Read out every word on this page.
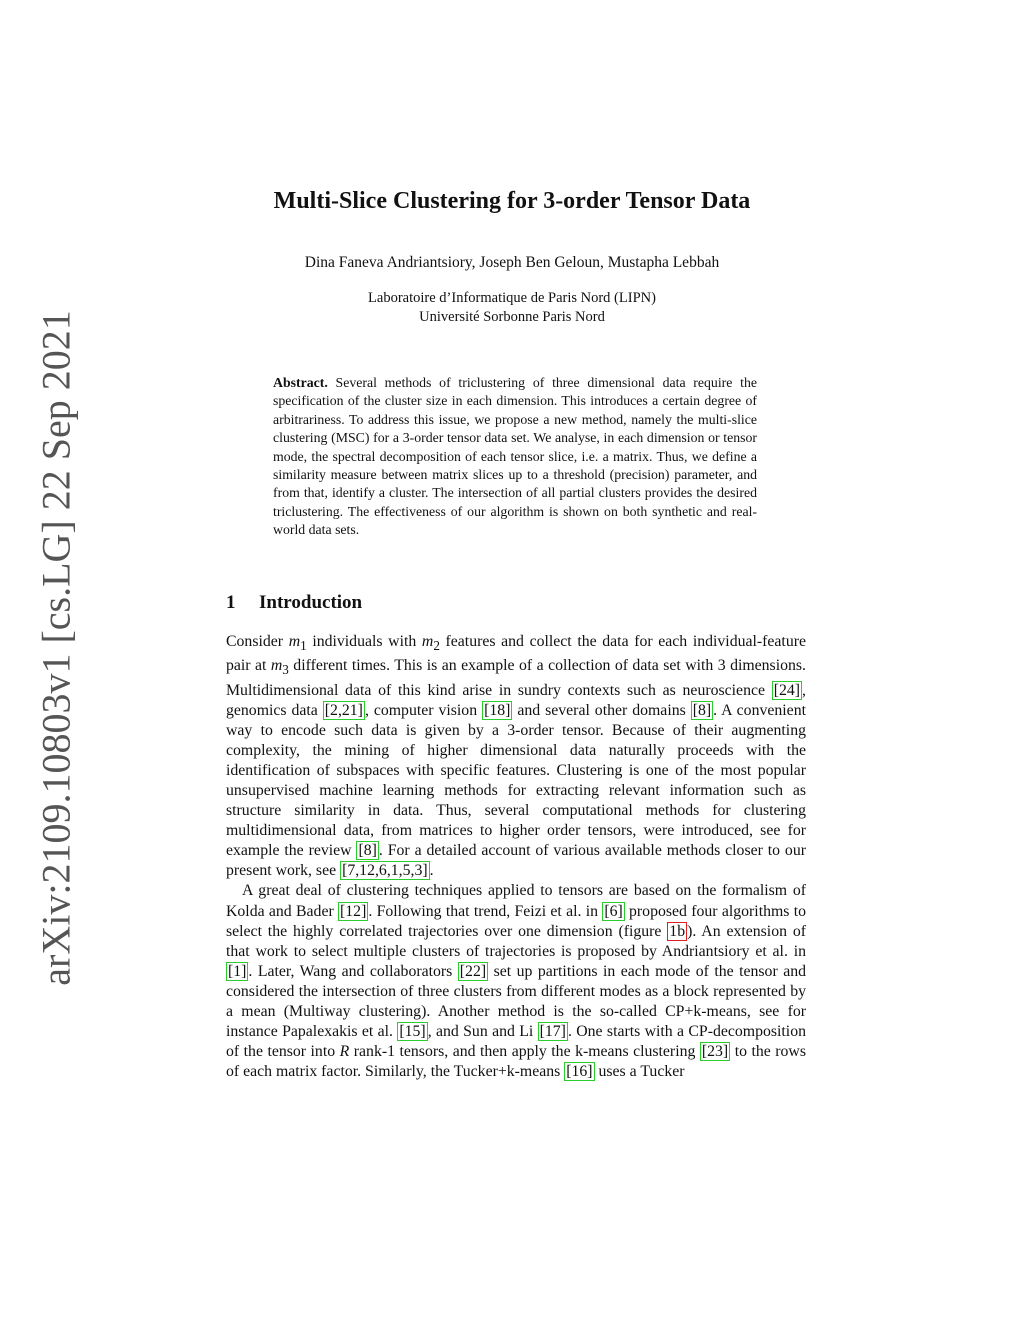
arXiv:2109.10803v1 [cs.LG] 22 Sep 2021
Multi-Slice Clustering for 3-order Tensor Data
Dina Faneva Andriantsiory, Joseph Ben Geloun, Mustapha Lebbah
Laboratoire d’Informatique de Paris Nord (LIPN)
Université Sorbonne Paris Nord
Abstract. Several methods of triclustering of three dimensional data require the specification of the cluster size in each dimension. This introduces a certain degree of arbitrariness. To address this issue, we propose a new method, namely the multi-slice clustering (MSC) for a 3-order tensor data set. We analyse, in each dimension or tensor mode, the spectral decomposition of each tensor slice, i.e. a matrix. Thus, we define a similarity measure between matrix slices up to a threshold (precision) parameter, and from that, identify a cluster. The intersection of all partial clusters provides the desired triclustering. The effectiveness of our algorithm is shown on both synthetic and real-world data sets.
1 Introduction

Consider $m_1$ individuals with $m_2$ features and collect the data for each individual-feature pair at $m_3$ different times. This is an example of a collection of data set with 3 dimensions. Multidimensional data of this kind arise in sundry contexts such as neuroscience [24] , genomics data [2,21] , computer vision [18] and several other domains [8] . A convenient way to encode such data is given by a 3-order tensor. Because of their augmenting complexity, the mining of higher dimensional data naturally proceeds with the identification of subspaces with specific features. Clustering is one of the most popular unsupervised machine learning methods for extracting relevant information such as structure similarity in data. Thus, several computational methods for clustering multidimensional data, from matrices to higher order tensors, were introduced, see for example the review [8] . For a detailed account of various available methods closer to our present work, see [7,12,6,1,5,3] .

A great deal of clustering techniques applied to tensors are based on the formalism of Kolda and Bader [12] . Following that trend, Feizi et al. in [6] proposed four algorithms to select the highly correlated trajectories over one dimension (figure 1b ). An extension of that work to select multiple clusters of trajectories is proposed by Andriantsiory et al. in [1] . Later, Wang and collaborators [22] set up partitions in each mode of the tensor and considered the intersection of three clusters from different modes as a block represented by a mean (Multiway clustering). Another method is the so-called CP+k-means, see for instance Papalexakis et al. [15] , and Sun and Li [17] . One starts with a CP-decomposition of the tensor into R rank-1 tensors, and then apply the k-means clustering [23] to the rows of each matrix factor. Similarly, the Tucker+k-means [16] uses a Tucker
